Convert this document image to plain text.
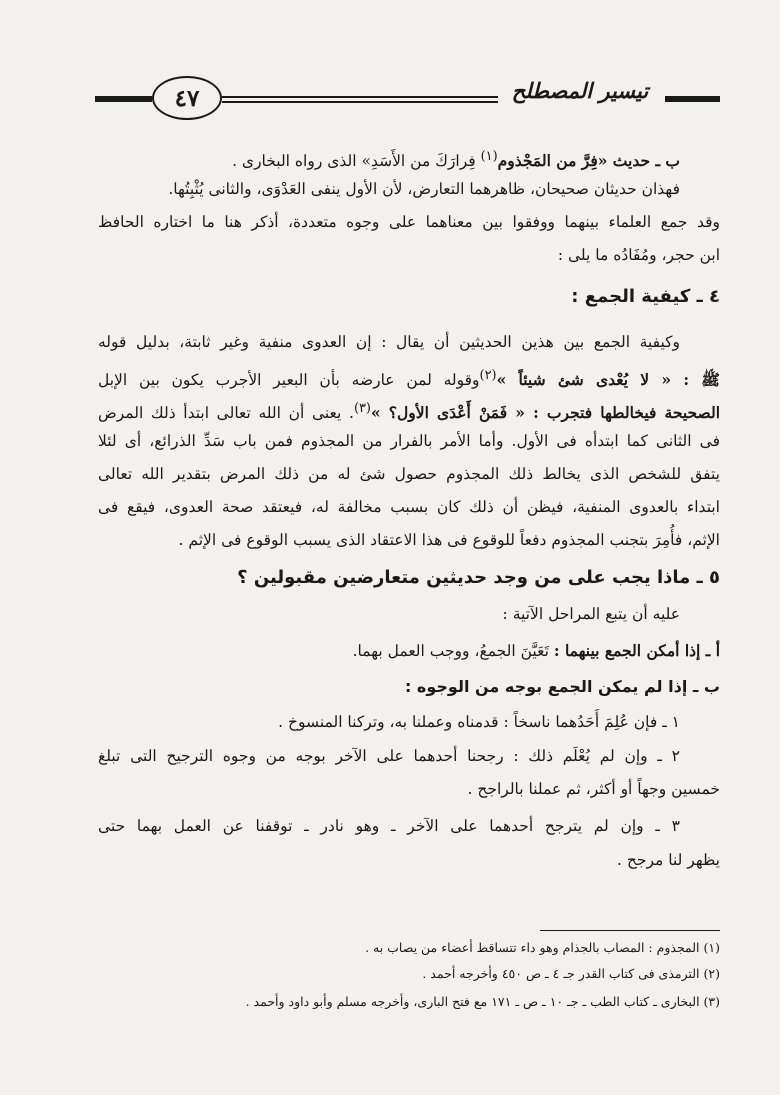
٤٧	تيسير المصطلح
ب ـ حديث «فِرَّ من المَجْذوم$^{(١)}$ فِرارَكَ من الأَسَدِ» الذى رواه البخارى .
فهذان حديثان صحيحان، ظاهرهما التعارض، لأن الأول ينفى العَدْوَى، والثانى يُثْبِتُها.
وقد جمع العلماء بينهما ووفقوا بين معناهما على وجوه متعددة، أذكر هنا ما اختاره الحافظ
ابن حجر، ومُفَادُه ما يلى :
٤ ـ كيفية الجمع :
وكيفية الجمع بين هذين الحديثين أن يقال : إن العدوى منفية وغير ثابتة، بدليل قوله
ﷺ : « لا يُعْدى شئ شيئاً »$^{(٢)}$وقوله لمن عارضه بأن البعير الأجرب يكون بين الإبل
الصحيحة فيخالطها فتجرب : « فَمَنْ أَعْدَى الأول؟ »$^{(٣)}$. يعنى أن الله تعالى ابتدأ ذلك المرض
فى الثانى كما ابتدأه فى الأول. وأما الأمر بالفرار من المجذوم فمن باب سَدِّ الذرائع، أى لئلا
يتفق للشخص الذى يخالط ذلك المجذوم حصول شئ له من ذلك المرض بتقدير الله تعالى
ابتداء بالعدوى المنفية، فيظن أن ذلك كان بسبب مخالفة له، فيعتقد صحة العدوى، فيقع فى
الإثم، فأُمِرَ بتجنب المجذوم دفعاً للوقوع فى هذا الاعتقاد الذى يسبب الوقوع فى الإثم .
٥ ـ ماذا يجب على من وجد حديثين متعارضين مقبولين ؟
عليه أن يتبع المراحل الآتية :
أ ـ إذا أمكن الجمع بينهما : تَعَيَّنَ الجمعُ، ووجب العمل بهما.
ب ـ إذا لم يمكن الجمع بوجه من الوجوه :
١ ـ فإن عُلِمَ أَحَدُهما ناسخاً : قدمناه وعملنا به، وتركنا المنسوخ .
٢ ـ وإن لم يُعْلَم ذلك : رجحنا أحدهما على الآخر بوجه من وجوه الترجيح التى تبلغ
خمسين وجهاً أو أكثر، ثم عملنا بالراجح .
٣ ـ وإن لم يترجح أحدهما على الآخر ـ وهو نادر ـ توقفنا عن العمل بهما حتى
يظهر لنا مرجح .
(١) المجذوم : المصاب بالجذام وهو داء تتساقط أعضاء من يصاب به .
(٢) الترمذى فى كتاب القدر جـ ٤ ـ ص ٤٥٠ وأخرجه أحمد .
(٣) البخارى ـ كتاب الطب ـ جـ ١٠ ـ ص ـ ١٧١ مع فتح البارى، وأخرجه مسلم وأبو داود وأحمد .
